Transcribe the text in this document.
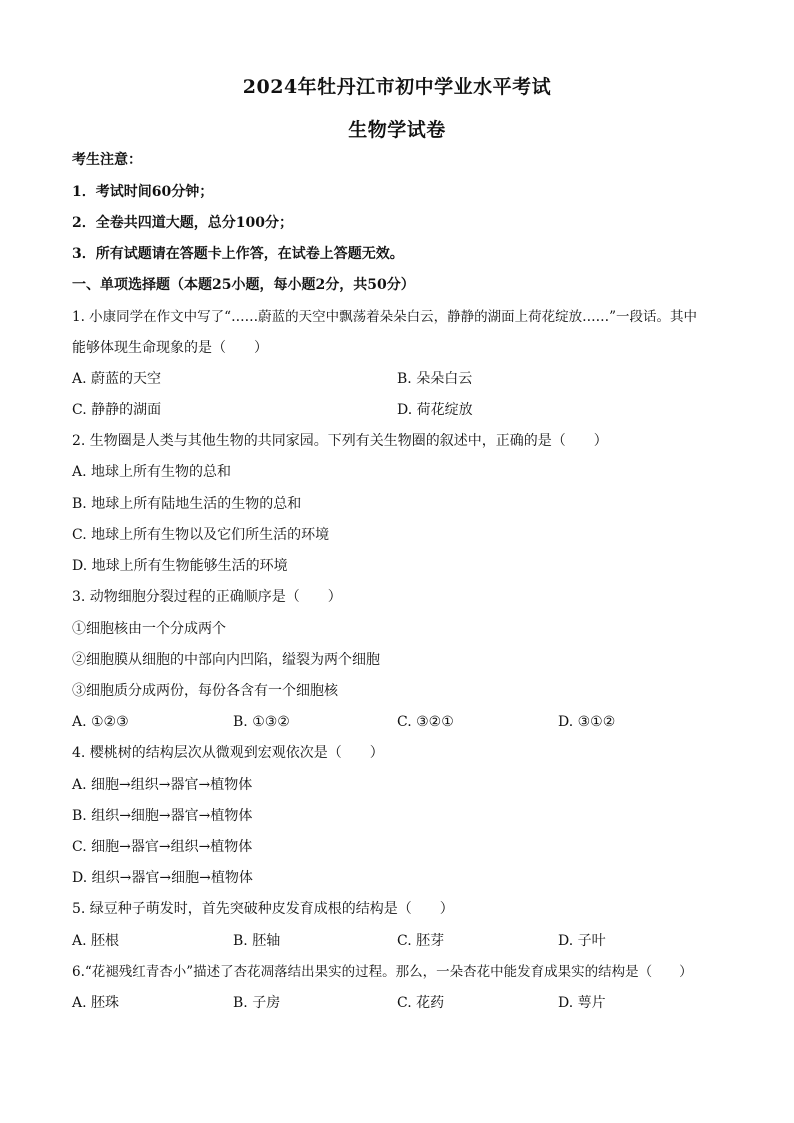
2024年牡丹江市初中学业水平考试
生物学试卷
考生注意：
1．考试时间60分钟；
2．全卷共四道大题，总分100分；
3．所有试题请在答题卡上作答，在试卷上答题无效。
一、单项选择题（本题25小题，每小题2分，共50分）
1. 小康同学在作文中写了“……蔚蓝的天空中飘荡着朵朵白云，静静的湖面上荷花绽放……”一段话。其中
能够体现生命现象的是（　　）
A. 蔚蓝的天空	B. 朵朵白云
C. 静静的湖面	D. 荷花绽放
2. 生物圈是人类与其他生物的共同家园。下列有关生物圈的叙述中，正确的是（　　）
A. 地球上所有生物的总和
B. 地球上所有陆地生活的生物的总和
C. 地球上所有生物以及它们所生活的环境
D. 地球上所有生物能够生活的环境
3. 动物细胞分裂过程的正确顺序是（　　）
①细胞核由一个分成两个
②细胞膜从细胞的中部向内凹陷，缢裂为两个细胞
③细胞质分成两份，每份各含有一个细胞核
A. ①②③	B. ①③②	C. ③②①	D. ③①②
4. 樱桃树的结构层次从微观到宏观依次是（　　）
A. 细胞→组织→器官→植物体
B. 组织→细胞→器官→植物体
C. 细胞→器官→组织→植物体
D. 组织→器官→细胞→植物体
5. 绿豆种子萌发时，首先突破种皮发育成根的结构是（　　）
A. 胚根	B. 胚轴	C. 胚芽	D. 子叶
6.“花褪残红青杏小”描述了杏花凋落结出果实的过程。那么，一朵杏花中能发育成果实的结构是（　　）
A. 胚珠	B. 子房	C. 花药	D. 萼片
